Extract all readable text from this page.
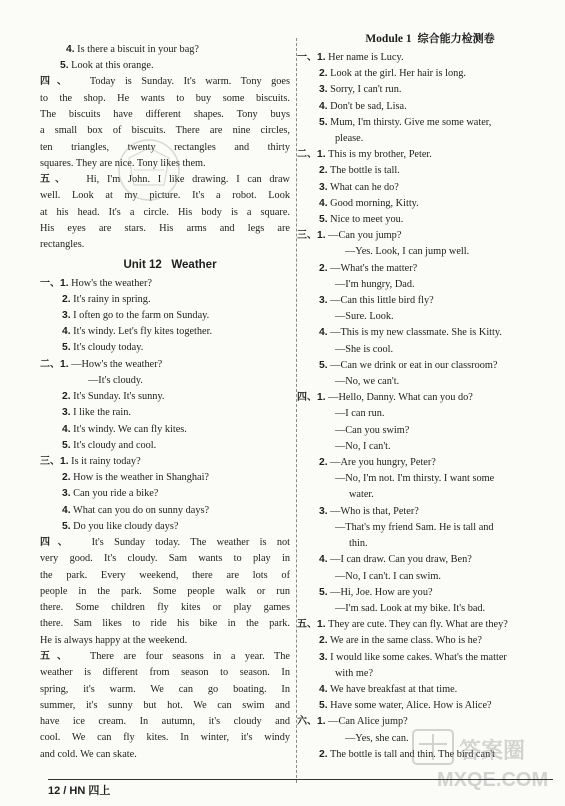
4. Is there a biscuit in your bag?
5. Look at this orange.
四、 Today is Sunday. It's warm. Tony goes
to the shop. He wants to buy some biscuits.
The biscuits have different shapes. Tony buys
a small box of biscuits. There are nine circles,
ten triangles, twenty rectangles and thirty
squares. They are nice. Tony likes them.
五、 Hi, I'm John. I like drawing. I can draw
well. Look at my picture. It's a robot. Look
at his head. It's a circle. His body is a square.
His eyes are stars. His arms and legs are
rectangles.
Unit 12   Weather
一、1. How's the weather?
2. It's rainy in spring.
3. I often go to the farm on Sunday.
4. It's windy. Let's fly kites together.
5. It's cloudy today.
二、1. —How's the weather?
—It's cloudy.
2. It's Sunday. It's sunny.
3. I like the rain.
4. It's windy. We can fly kites.
5. It's cloudy and cool.
三、1. Is it rainy today?
2. How is the weather in Shanghai?
3. Can you ride a bike?
4. What can you do on sunny days?
5. Do you like cloudy days?
四、 It's Sunday today. The weather is not
very good. It's cloudy. Sam wants to play in
the park. Every weekend, there are lots of
people in the park. Some people walk or run
there. Some children fly kites or play games
there. Sam likes to ride his bike in the park.
He is always happy at the weekend.
五、 There are four seasons in a year. The
weather is different from season to season. In
spring, it's warm. We can go boating. In
summer, it's sunny but hot. We can swim and
have ice cream. In autumn, it's cloudy and
cool. We can fly kites. In winter, it's windy
and cold. We can skate.
Module 1 综合能力检测卷
一、1. Her name is Lucy.
2. Look at the girl. Her hair is long.
3. Sorry, I can't run.
4. Don't be sad, Lisa.
5. Mum, I'm thirsty. Give me some water,
please.
二、1. This is my brother, Peter.
2. The bottle is tall.
3. What can he do?
4. Good morning, Kitty.
5. Nice to meet you.
三、1. —Can you jump?
—Yes. Look, I can jump well.
2. —What's the matter?
—I'm hungry, Dad.
3. —Can this little bird fly?
—Sure. Look.
4. —This is my new classmate. She is Kitty.
—She is cool.
5. —Can we drink or eat in our classroom?
—No, we can't.
四、1. —Hello, Danny. What can you do?
—I can run.
—Can you swim?
—No, I can't.
2. —Are you hungry, Peter?
—No, I'm not. I'm thirsty. I want some
water.
3. —Who is that, Peter?
—That's my friend Sam. He is tall and
thin.
4. —I can draw. Can you draw, Ben?
—No, I can't. I can swim.
5. —Hi, Joe. How are you?
—I'm sad. Look at my bike. It's bad.
五、1. They are cute. They can fly. What are they?
2. We are in the same class. Who is he?
3. I would like some cakes. What's the matter
with me?
4. We have breakfast at that time.
5. Have some water, Alice. How is Alice?
六、1. —Can Alice jump?
—Yes, she can.
2. The bottle is tall and thin. The bird can't
答案圈
MXQE.COM
12 / HN 四上
